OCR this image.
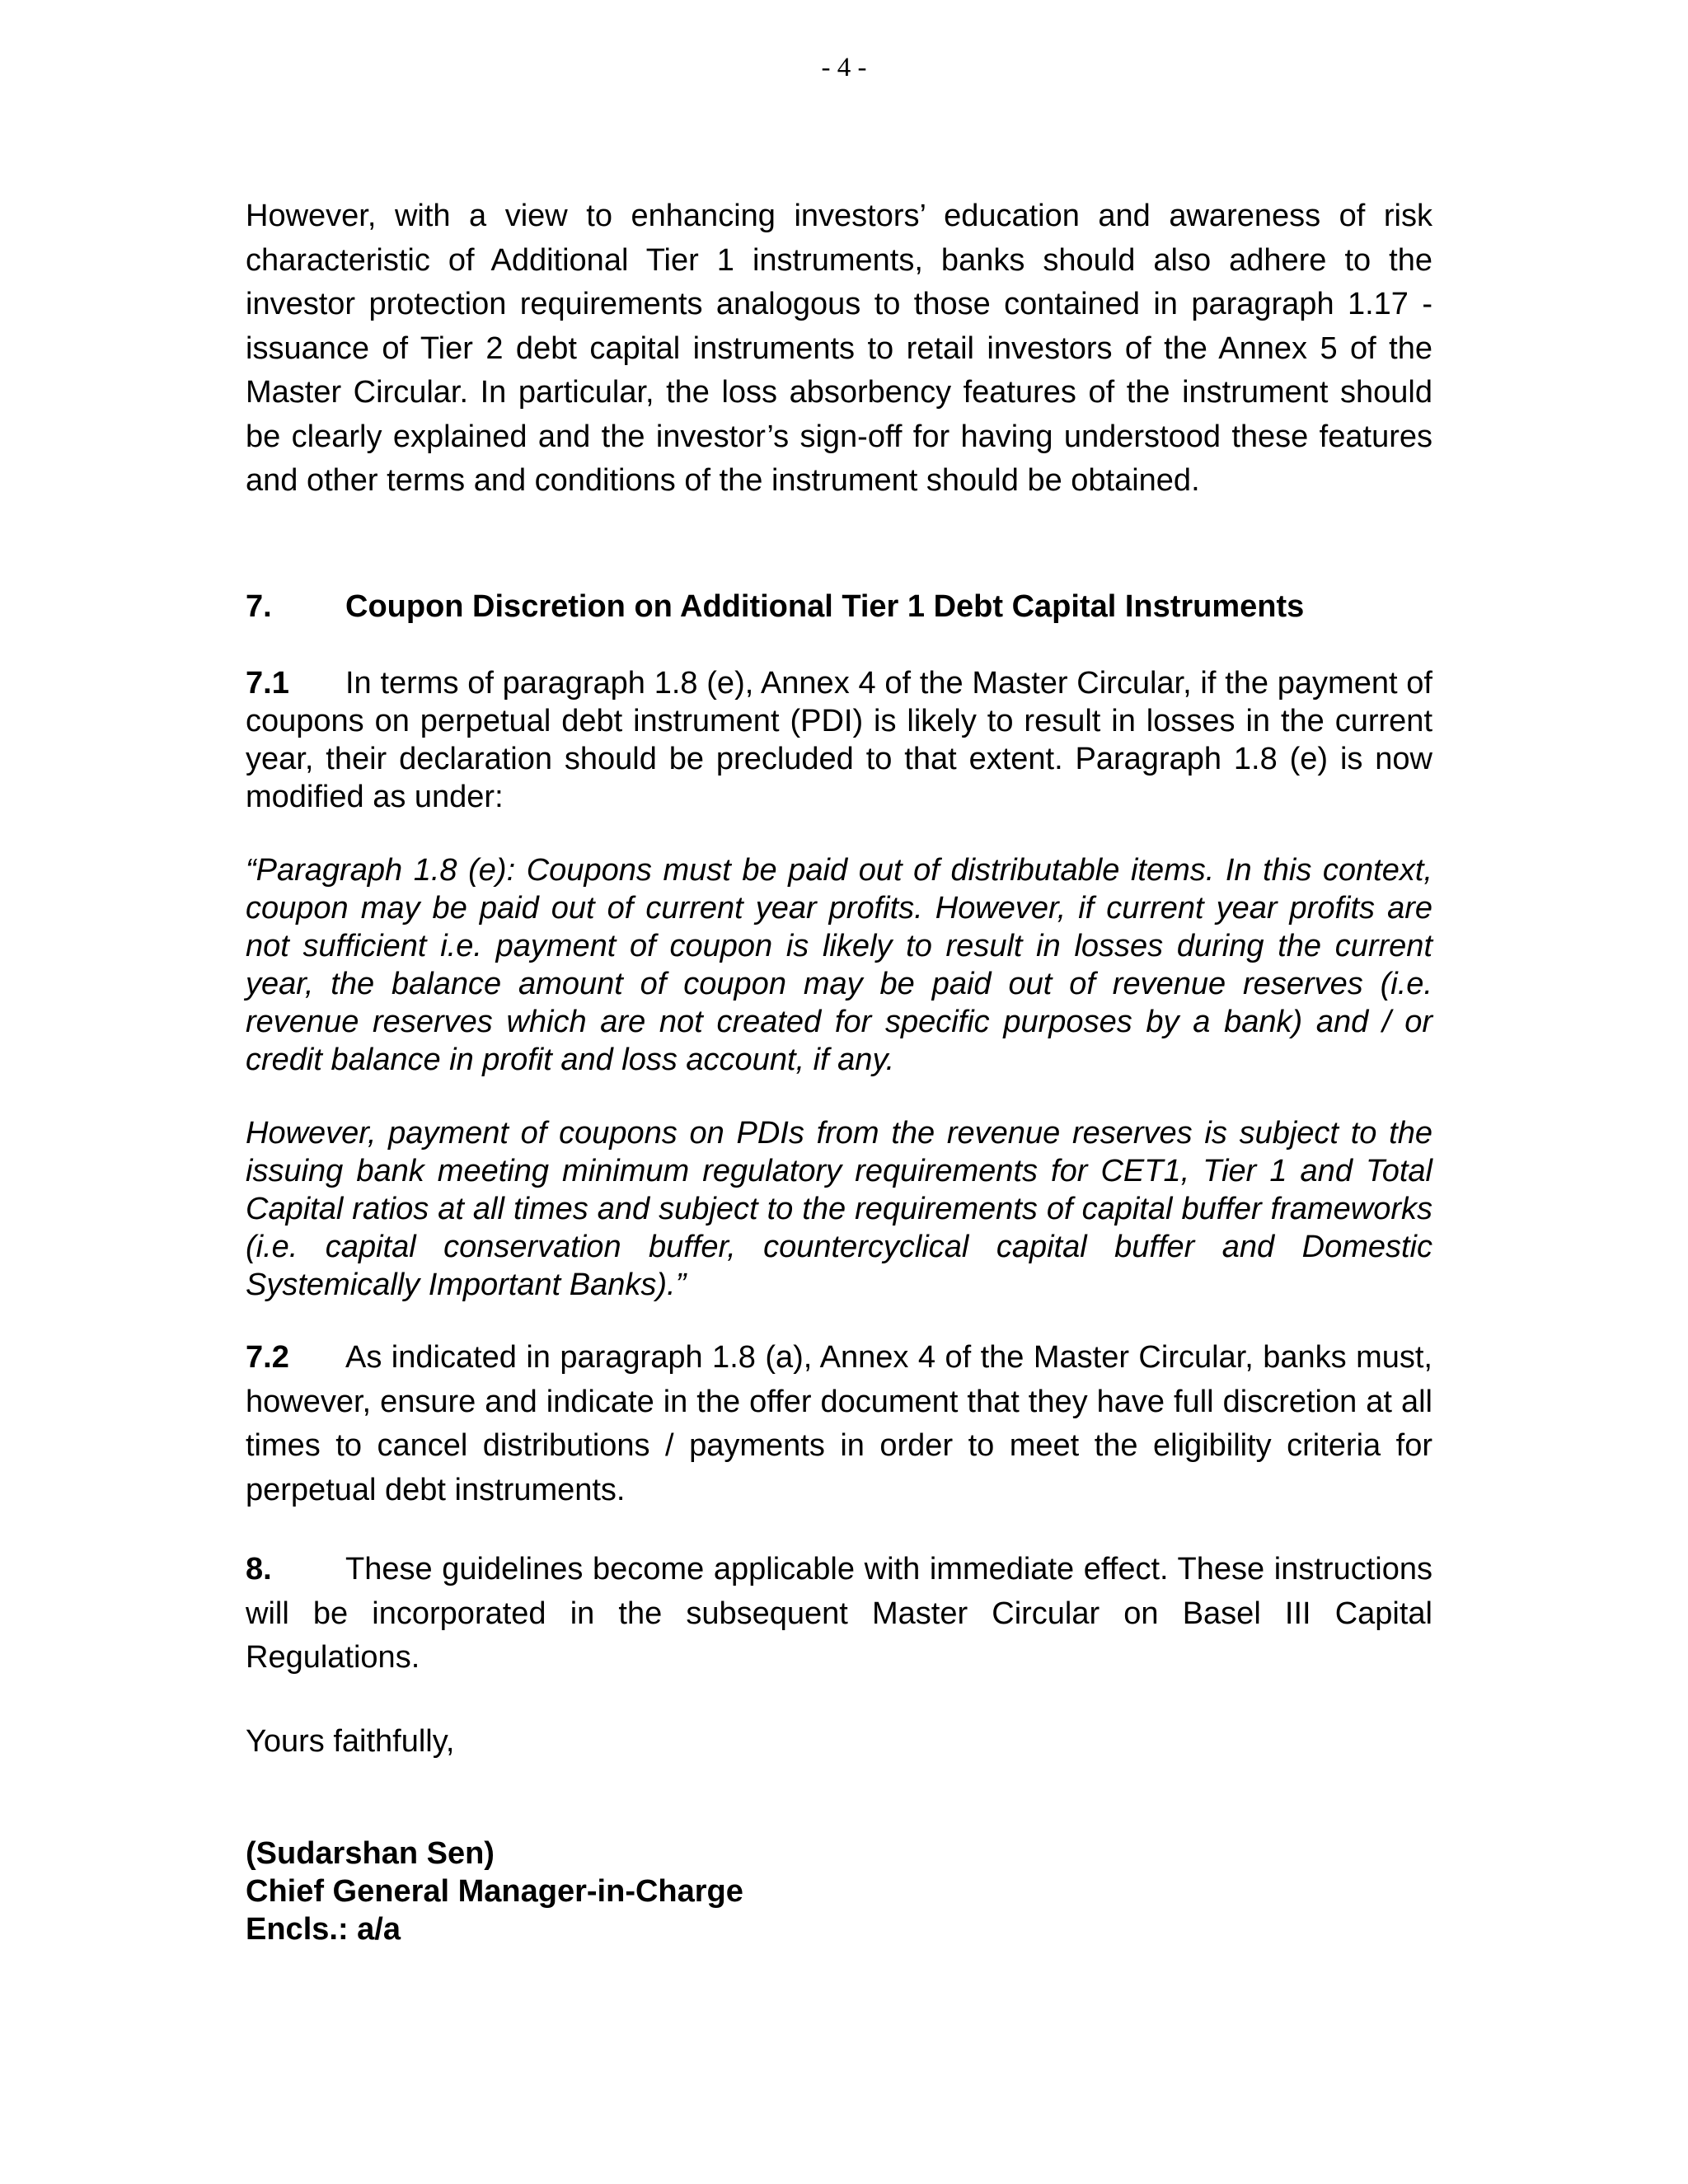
- 4 -

However, with a view to enhancing investors’ education and awareness of risk characteristic of Additional Tier 1 instruments, banks should also adhere to the investor protection requirements analogous to those contained in paragraph 1.17 - issuance of Tier 2 debt capital instruments to retail investors of the Annex 5 of the Master Circular. In particular, the loss absorbency features of the instrument should be clearly explained and the investor’s sign-off for having understood these features and other terms and conditions of the instrument should be obtained.

7. Coupon Discretion on Additional Tier 1 Debt Capital Instruments

7.1 In terms of paragraph 1.8 (e), Annex 4 of the Master Circular, if the payment of coupons on perpetual debt instrument (PDI) is likely to result in losses in the current year, their declaration should be precluded to that extent. Paragraph 1.8 (e) is now modified as under:

“Paragraph 1.8 (e): Coupons must be paid out of distributable items. In this context, coupon may be paid out of current year profits. However, if current year profits are not sufficient i.e. payment of coupon is likely to result in losses during the current year, the balance amount of coupon may be paid out of revenue reserves (i.e. revenue reserves which are not created for specific purposes by a bank) and / or credit balance in profit and loss account, if any.

However, payment of coupons on PDIs from the revenue reserves is subject to the issuing bank meeting minimum regulatory requirements for CET1, Tier 1 and Total Capital ratios at all times and subject to the requirements of capital buffer frameworks (i.e. capital conservation buffer, countercyclical capital buffer and Domestic Systemically Important Banks).”

7.2 As indicated in paragraph 1.8 (a), Annex 4 of the Master Circular, banks must, however, ensure and indicate in the offer document that they have full discretion at all times to cancel distributions / payments in order to meet the eligibility criteria for perpetual debt instruments.

8. These guidelines become applicable with immediate effect. These instructions will be incorporated in the subsequent Master Circular on Basel III Capital Regulations.

Yours faithfully,
(Sudarshan Sen)
Chief General Manager-in-Charge
Encls.: a/a
